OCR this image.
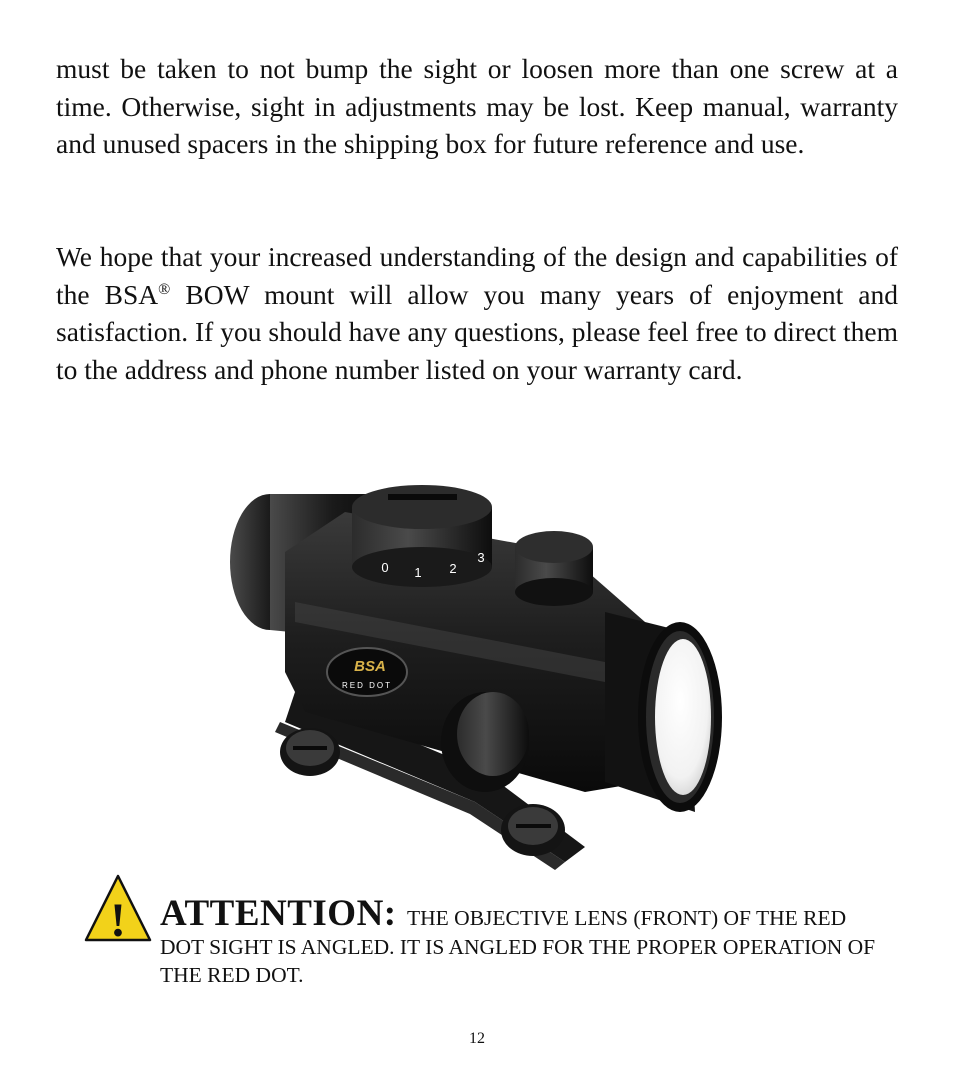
must be taken to not bump the sight or loosen more than one screw at a time. Otherwise, sight in adjustments may be lost. Keep manual, warranty and unused spacers in the shipping box for future reference and use.

We hope that your increased understanding of the design and capabilities of the BSA® BOW mount will allow you many years of enjoyment and satisfaction. If you should have any questions, please feel free to direct them to the address and phone number listed on your warranty card.

0 1 2
3
BSA
RED DOT
! ATTENTION: THE OBJECTIVE LENS (FRONT) OF THE RED DOT SIGHT IS ANGLED. IT IS ANGLED FOR THE PROPER OPERATION OF THE RED DOT.

12
